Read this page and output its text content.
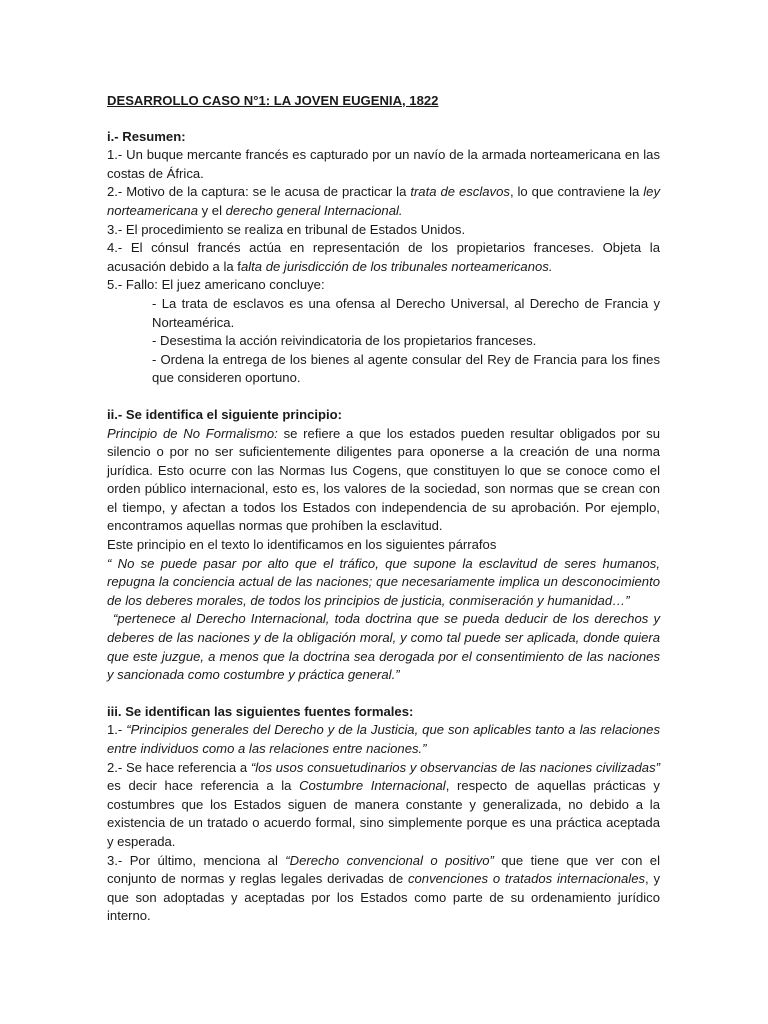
DESARROLLO CASO N°1: LA JOVEN EUGENIA, 1822

i.- Resumen:

1.- Un buque mercante francés es capturado por un navío de la armada norteamericana en las costas de África.

2.- Motivo de la captura: se le acusa de practicar la trata de esclavos, lo que contraviene la ley norteamericana y el derecho general Internacional.

3.- El procedimiento se realiza en tribunal de Estados Unidos.

4.- El cónsul francés actúa en representación de los propietarios franceses. Objeta la acusación debido a la falta de jurisdicción de los tribunales norteamericanos.

5.- Fallo: El juez americano concluye:

- La trata de esclavos es una ofensa al Derecho Universal, al Derecho de Francia y Norteamérica.

- Desestima la acción reivindicatoria de los propietarios franceses.

- Ordena la entrega de los bienes al agente consular del Rey de Francia para los fines que consideren oportuno.

ii.- Se identifica el siguiente principio:

Principio de No Formalismo: se refiere a que los estados pueden resultar obligados por su silencio o por no ser suficientemente diligentes para oponerse a la creación de una norma jurídica. Esto ocurre con las Normas Ius Cogens, que constituyen lo que se conoce como el orden público internacional, esto es, los valores de la sociedad, son normas que se crean con el tiempo, y afectan a todos los Estados con independencia de su aprobación. Por ejemplo, encontramos aquellas normas que prohíben la esclavitud.

Este principio en el texto lo identificamos en los siguientes párrafos

“ No se puede pasar por alto que el tráfico, que supone la esclavitud de seres humanos, repugna la conciencia actual de las naciones; que necesariamente implica un desconocimiento de los deberes morales, de todos los principios de justicia, conmiseración y humanidad…”

“pertenece al Derecho Internacional, toda doctrina que se pueda deducir de los derechos y deberes de las naciones y de la obligación moral, y como tal puede ser aplicada, donde quiera que este juzgue, a menos que la doctrina sea derogada por el consentimiento de las naciones y sancionada como costumbre y práctica general.”

iii. Se identifican las siguientes fuentes formales:

1.- “Principios generales del Derecho y de la Justicia, que son aplicables tanto a las relaciones entre individuos como a las relaciones entre naciones.”

2.- Se hace referencia a “los usos consuetudinarios y observancias de las naciones civilizadas” es decir hace referencia a la Costumbre Internacional, respecto de aquellas prácticas y costumbres que los Estados siguen de manera constante y generalizada, no debido a la existencia de un tratado o acuerdo formal, sino simplemente porque es una práctica aceptada y esperada.

3.- Por último, menciona al “Derecho convencional o positivo” que tiene que ver con el conjunto de normas y reglas legales derivadas de convenciones o tratados internacionales, y que son adoptadas y aceptadas por los Estados como parte de su ordenamiento jurídico interno.
